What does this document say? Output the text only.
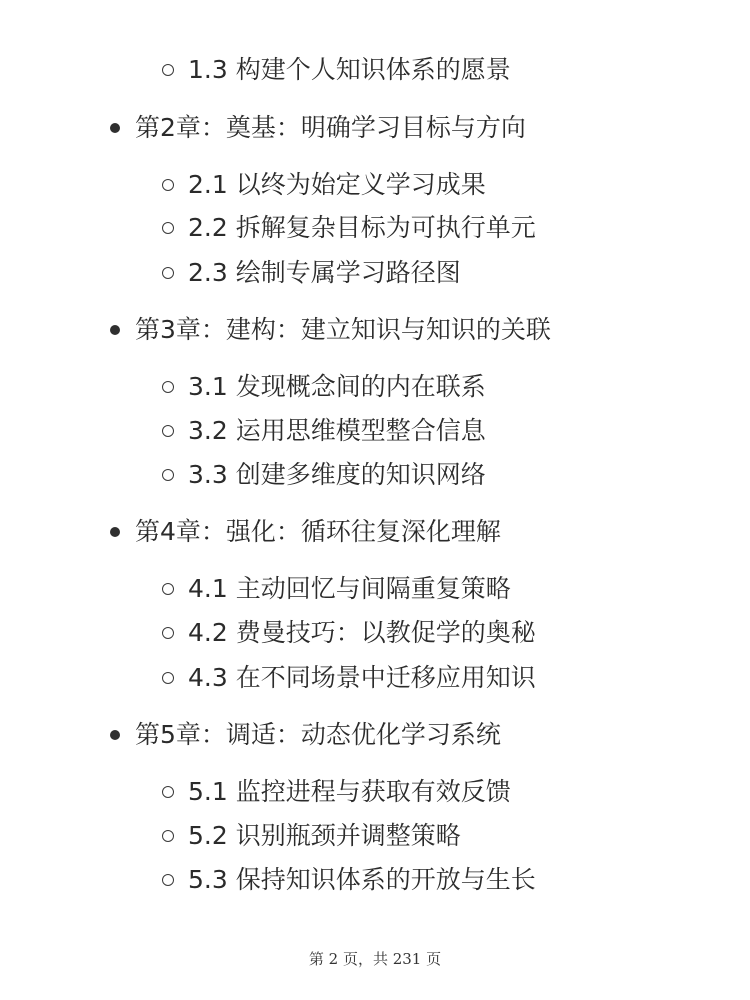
1.3 构建个人知识体系的愿景
第2章：奠基：明确学习目标与方向
2.1 以终为始定义学习成果
2.2 拆解复杂目标为可执行单元
2.3 绘制专属学习路径图
第3章：建构：建立知识与知识的关联
3.1 发现概念间的内在联系
3.2 运用思维模型整合信息
3.3 创建多维度的知识网络
第4章：强化：循环往复深化理解
4.1 主动回忆与间隔重复策略
4.2 费曼技巧：以教促学的奥秘
4.3 在不同场景中迁移应用知识
第5章：调适：动态优化学习系统
5.1 监控进程与获取有效反馈
5.2 识别瓶颈并调整策略
5.3 保持知识体系的开放与生长
第 2 页，共 231 页
